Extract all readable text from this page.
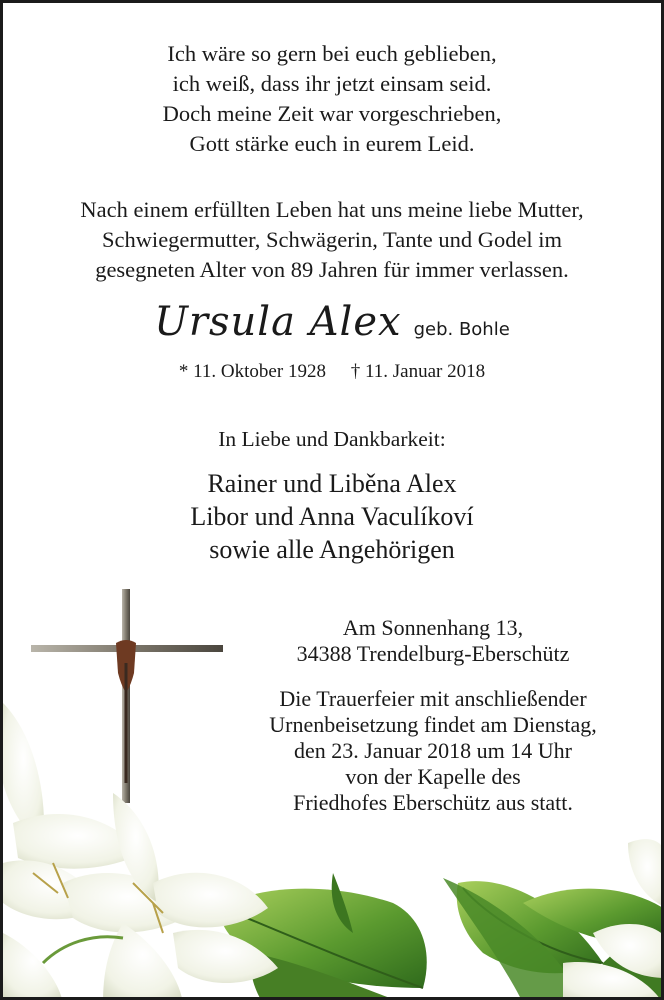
Ich wäre so gern bei euch geblieben,
ich weiß, dass ihr jetzt einsam seid.
Doch meine Zeit war vorgeschrieben,
Gott stärke euch in eurem Leid.
Nach einem erfüllten Leben hat uns meine liebe Mutter,
Schwiegermutter, Schwägerin, Tante und Godel im
gesegneten Alter von 89 Jahren für immer verlassen.
Ursula Alex geb. Bohle
* 11. Oktober 1928 † 11. Januar 2018
In Liebe und Dankbarkeit:
Rainer und Liběna Alex
Libor und Anna Vaculíkoví
sowie alle Angehörigen
Am Sonnenhang 13,
34388 Trendelburg-Eberschütz
Die Trauerfeier mit anschließender
Urnenbeisetzung findet am Dienstag,
den 23. Januar 2018 um 14 Uhr
von der Kapelle des
Friedhofes Eberschütz aus statt.
